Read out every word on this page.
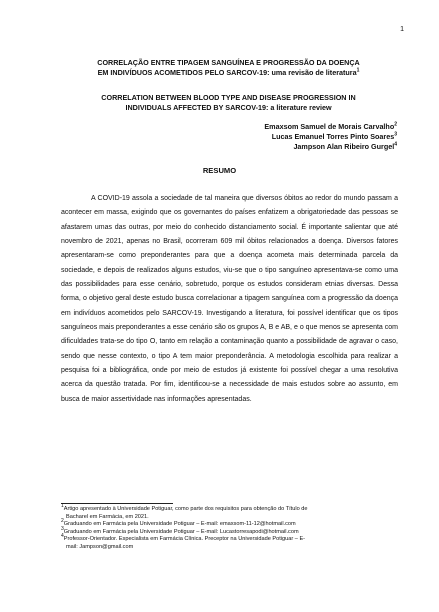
1
CORRELAÇÃO ENTRE TIPAGEM SANGUÍNEA E PROGRESSÃO DA DOENÇA
EM INDIVÍDUOS ACOMETIDOS PELO SARCOV-19: uma revisão de literatura$^1$
CORRELATION BETWEEN BLOOD TYPE AND DISEASE PROGRESSION IN
INDIVIDUALS AFFECTED BY SARCOV-19: a literature review
Emaxsom Samuel de Morais Carvalho$^2$
Lucas Emanuel Torres Pinto Soares$^3$
Jampson Alan Ribeiro Gurgel$^4$
RESUMO

A COVID-19 assola a sociedade de tal maneira que diversos óbitos ao redor do mundo passam a acontecer em massa, exigindo que os governantes do países enfatizem a obrigatoriedade das pessoas se afastarem umas das outras, por meio do conhecido distanciamento social. É importante salientar que até novembro de 2021, apenas no Brasil, ocorreram 609 mil óbitos relacionados a doença. Diversos fatores apresentaram-se como preponderantes para que a doença acometa mais determinada parcela da sociedade, e depois de realizados alguns estudos, viu-se que o tipo sanguíneo apresentava-se como uma das possibilidades para esse cenário, sobretudo, porque os estudos consideram etnias diversas. Dessa forma, o objetivo geral deste estudo busca correlacionar a tipagem sanguínea com a progressão da doença em indivíduos acometidos pelo SARCOV-19. Investigando a literatura, foi possível identificar que os tipos sanguíneos mais preponderantes a esse cenário são os grupos A, B e AB, e o que menos se apresenta com dificuldades trata-se do tipo O, tanto em relação a contaminação quanto a possibilidade de agravar o caso, sendo que nesse contexto, o tipo A tem maior preponderância. A metodologia escolhida para realizar a pesquisa foi a bibliográfica, onde por meio de estudos já existente foi possível chegar a uma resolutiva acerca da questão tratada. Por fim, identificou-se a necessidade de mais estudos sobre ao assunto, em busca de maior assertividade nas informações apresentadas.

$^1$Artigo apresentado à Universidade Potiguar, como parte dos requisitos para obtenção do Título de
Bacharel em Farmácia, em 2021.

$^2$Graduando em Farmácia pela Universidade Potiguar – E-mail: emaxsom-11-12@hotmail.com

$^3$Graduando em Farmácia pela Universidade Potiguar – E-mail: Lucastorresapodi@hotmail.com

$^4$Professor-Orientador. Especialista em Farmácia Clínica. Preceptor na Universidade Potiguar – E-
mail: Jampson@gmail.com
